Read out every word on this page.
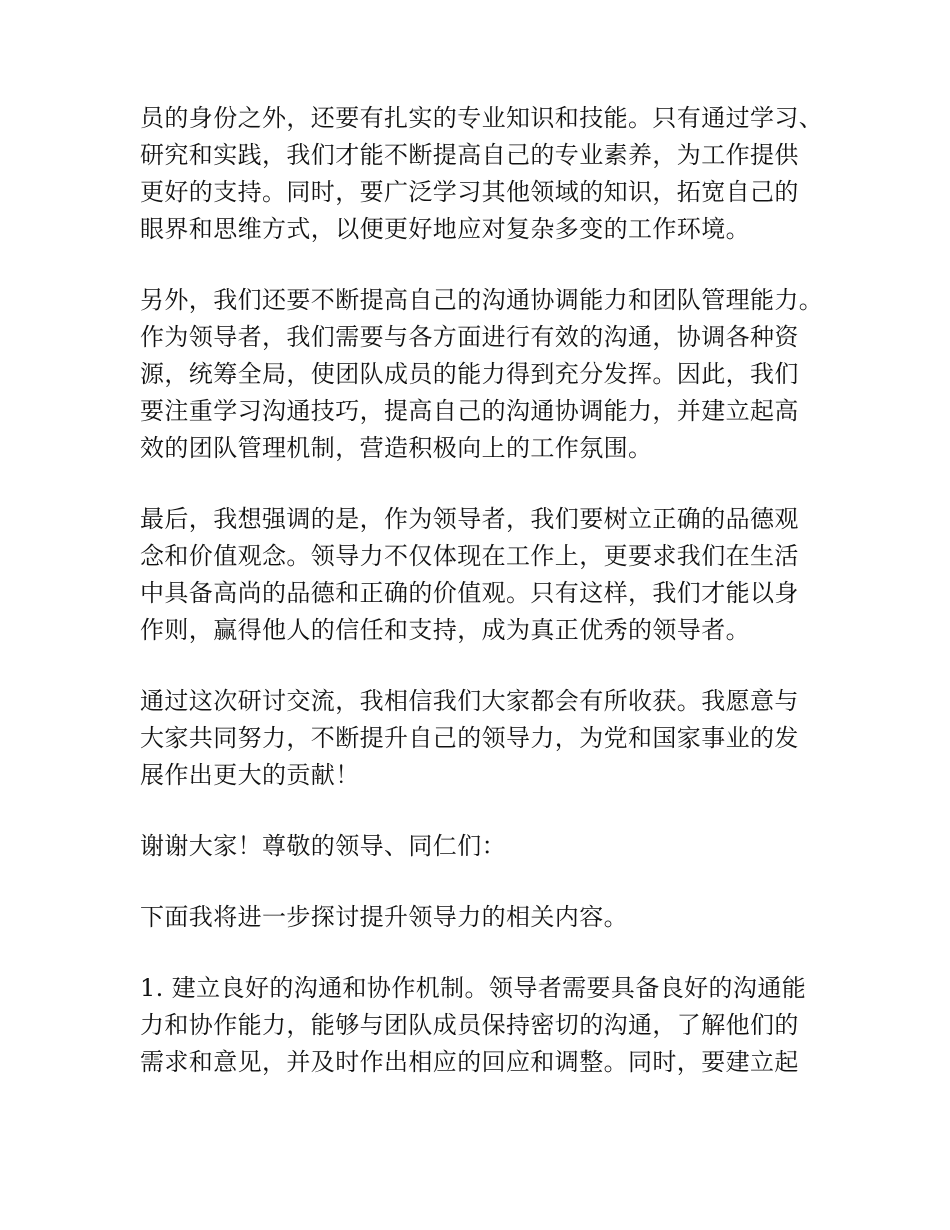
员的身份之外，还要有扎实的专业知识和技能。只有通过学习、
研究和实践，我们才能不断提高自己的专业素养，为工作提供
更好的支持。同时，要广泛学习其他领域的知识，拓宽自己的
眼界和思维方式，以便更好地应对复杂多变的工作环境。
另外，我们还要不断提高自己的沟通协调能力和团队管理能力。
作为领导者，我们需要与各方面进行有效的沟通，协调各种资
源，统筹全局，使团队成员的能力得到充分发挥。因此，我们
要注重学习沟通技巧，提高自己的沟通协调能力，并建立起高
效的团队管理机制，营造积极向上的工作氛围。
最后，我想强调的是，作为领导者，我们要树立正确的品德观
念和价值观念。领导力不仅体现在工作上，更要求我们在生活
中具备高尚的品德和正确的价值观。只有这样，我们才能以身
作则，赢得他人的信任和支持，成为真正优秀的领导者。
通过这次研讨交流，我相信我们大家都会有所收获。我愿意与
大家共同努力，不断提升自己的领导力，为党和国家事业的发
展作出更大的贡献！
谢谢大家！尊敬的领导、同仁们：
下面我将进一步探讨提升领导力的相关内容。
1. 建立良好的沟通和协作机制。领导者需要具备良好的沟通能
力和协作能力，能够与团队成员保持密切的沟通，了解他们的
需求和意见，并及时作出相应的回应和调整。同时，要建立起
